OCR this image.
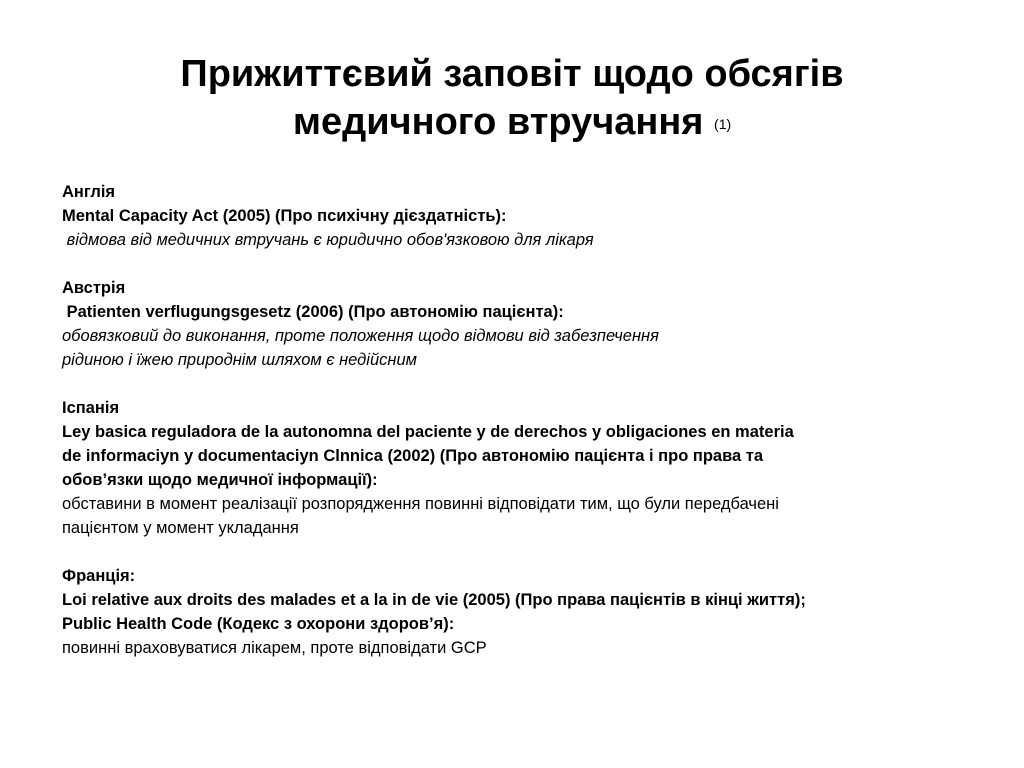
Прижиттєвий заповіт щодо обсягів
медичного втручання (1)
Англія
Mental Capacity Act (2005) (Про психічну дієздатність):
відмова від медичних втручань є юридично обов'язковою для лікаря
Австрія
Patienten verflugungsgesetz (2006) (Про автономію пацієнта):
обовязковий до виконання, проте положення щодо відмови від забезпечення
рідиною і їжею природнім шляхом є недійсним
Іспанія
Ley basica reguladora de la autonomna del paciente y de derechos y obligaciones en materia
de informaciyn y documentaciyn Clnnica (2002) (Про автономію пацієнта і про права та
обов’язки щодо медичної інформації):
обставини в момент реалізації розпорядження повинні відповідати тим, що були передбачені
пацієнтом у момент укладання
Франція:
Loi relative aux droits des malades et a la in de vie (2005) (Про права пацієнтів в кінці життя);
Public Health Code (Кодекс з охорони здоров’я):
повинні враховуватися лікарем, проте відповідати GCP
